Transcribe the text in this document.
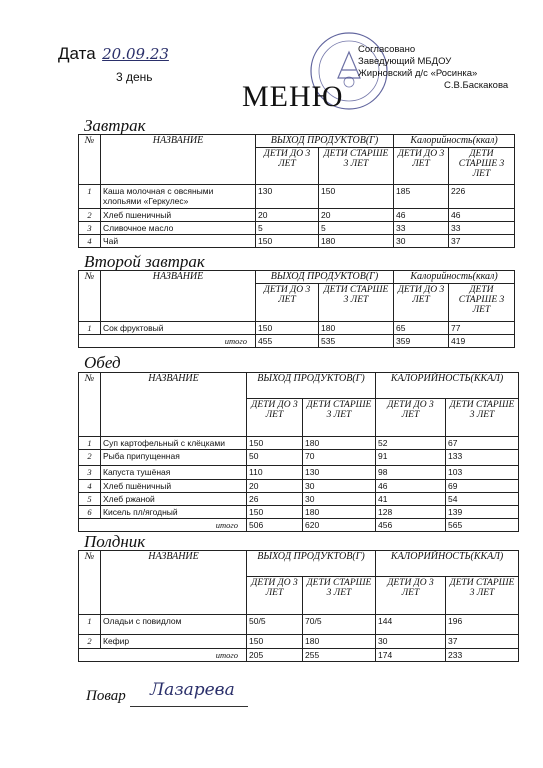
Дата 20.09.23
3 день
Согласовано
Заведующий МБДОУ
Жирновский д/с «Росинка»
С.В.Баскакова
МЕНЮ
Завтрак
№	НАЗВАНИЕ	ВЫХОД ПРОДУКТОВ(Г)		Калорийность(ккал)	
		ДЕТИ ДО 3 ЛЕТ	ДЕТИ СТАРШЕ 3 ЛЕТ	ДЕТИ ДО 3 ЛЕТ	ДЕТИ СТАРШЕ 3 ЛЕТ
1	Каша молочная с овсяными хлопьями «Геркулес»	130	150	185	226
2	Хлеб пшеничный	20	20	46	46
3	Сливочное масло	5	5	33	33
4	Чай	150	180	30	37
Второй завтрак
№	НАЗВАНИЕ	ВЫХОД ПРОДУКТОВ(Г)		Калорийность(ккал)	
		ДЕТИ ДО 3 ЛЕТ	ДЕТИ СТАРШЕ 3 ЛЕТ	ДЕТИ ДО 3 ЛЕТ	ДЕТИ СТАРШЕ 3 ЛЕТ
1	Сок фруктовый	150	180	65	77
итого		455	535	359	419
Обед
№	НАЗВАНИЕ	ВЫХОД ПРОДУКТОВ(Г)		КАЛОРИЙНОСТЬ(ККАЛ)	
		ДЕТИ ДО 3 ЛЕТ	ДЕТИ СТАРШЕ 3 ЛЕТ	ДЕТИ ДО 3 ЛЕТ	ДЕТИ СТАРШЕ 3 ЛЕТ
1	Суп картофельный с клёцками	150	180	52	67
2	Рыба припущенная	50	70	91	133
3	Капуста тушёная	110	130	98	103
4	Хлеб пшёничный	20	30	46	69
5	Хлеб ржаной	26	30	41	54
6	Кисель пл/ягодный	150	180	128	139
итого		506	620	456	565
Полдник
№	НАЗВАНИЕ	ВЫХОД ПРОДУКТОВ(Г)		КАЛОРИЙНОСТЬ(ККАЛ)	
		ДЕТИ ДО 3 ЛЕТ	ДЕТИ СТАРШЕ 3 ЛЕТ	ДЕТИ ДО 3 ЛЕТ	ДЕТИ СТАРШЕ 3 ЛЕТ
1	Оладьи с повидлом	50/5	70/5	144	196
2	Кефир	150	180	30	37
итого		205	255	174	233
Повар Лазарева
